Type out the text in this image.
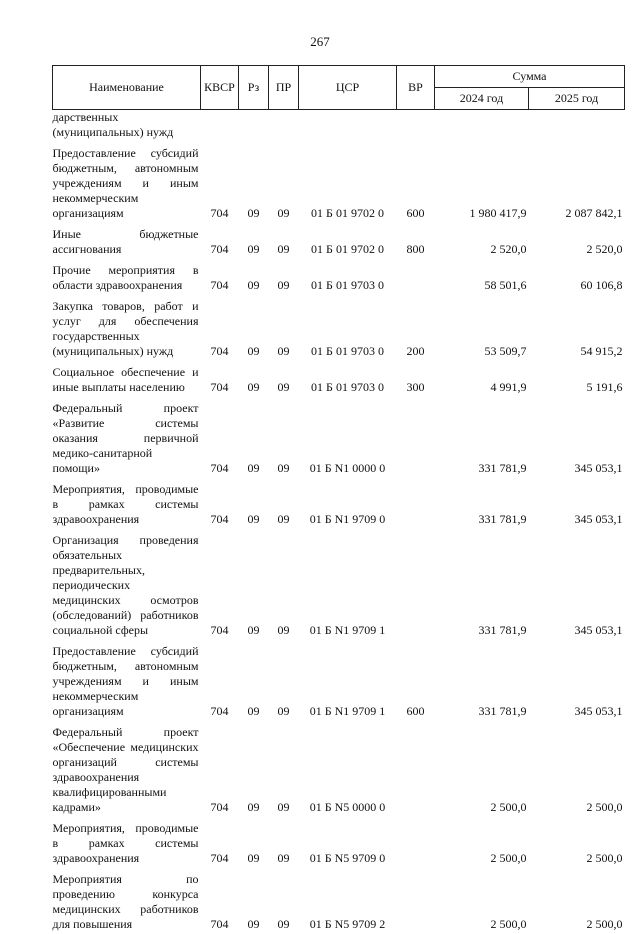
267
Наименование	КВСР	Рз	ПР	ЦСР	ВР	Сумма	
						2024 год	2025 год
дарственных (муниципальных) нужд							
Предоставление субсидий бюджетным, автономным учреждениям и иным некоммерческим организациям	704	09	09	01 Б 01 9702 0	600	1 980 417,9	2 087 842,1
Иные бюджетные ассигнования	704	09	09	01 Б 01 9702 0	800	2 520,0	2 520,0
Прочие мероприятия в области здравоохранения	704	09	09	01 Б 01 9703 0		58 501,6	60 106,8
Закупка товаров, работ и услуг для обеспечения государственных (муниципальных) нужд	704	09	09	01 Б 01 9703 0	200	53 509,7	54 915,2
Социальное обеспечение и иные выплаты населению	704	09	09	01 Б 01 9703 0	300	4 991,9	5 191,6
Федеральный проект «Развитие системы оказания первичной медико-санитарной помощи»	704	09	09	01 Б N1 0000 0		331 781,9	345 053,1
Мероприятия, проводимые в рамках системы здравоохранения	704	09	09	01 Б N1 9709 0		331 781,9	345 053,1
Организация проведения обязательных предварительных, периодических медицинских осмотров (обследований) работников социальной сферы	704	09	09	01 Б N1 9709 1		331 781,9	345 053,1
Предоставление субсидий бюджетным, автономным учреждениям и иным некоммерческим организациям	704	09	09	01 Б N1 9709 1	600	331 781,9	345 053,1
Федеральный проект «Обеспечение медицинских организаций системы здравоохранения квалифицированными кадрами»	704	09	09	01 Б N5 0000 0		2 500,0	2 500,0
Мероприятия, проводимые в рамках системы здравоохранения	704	09	09	01 Б N5 9709 0		2 500,0	2 500,0
Мероприятия по проведению конкурса медицинских работников для повышения	704	09	09	01 Б N5 9709 2		2 500,0	2 500,0
